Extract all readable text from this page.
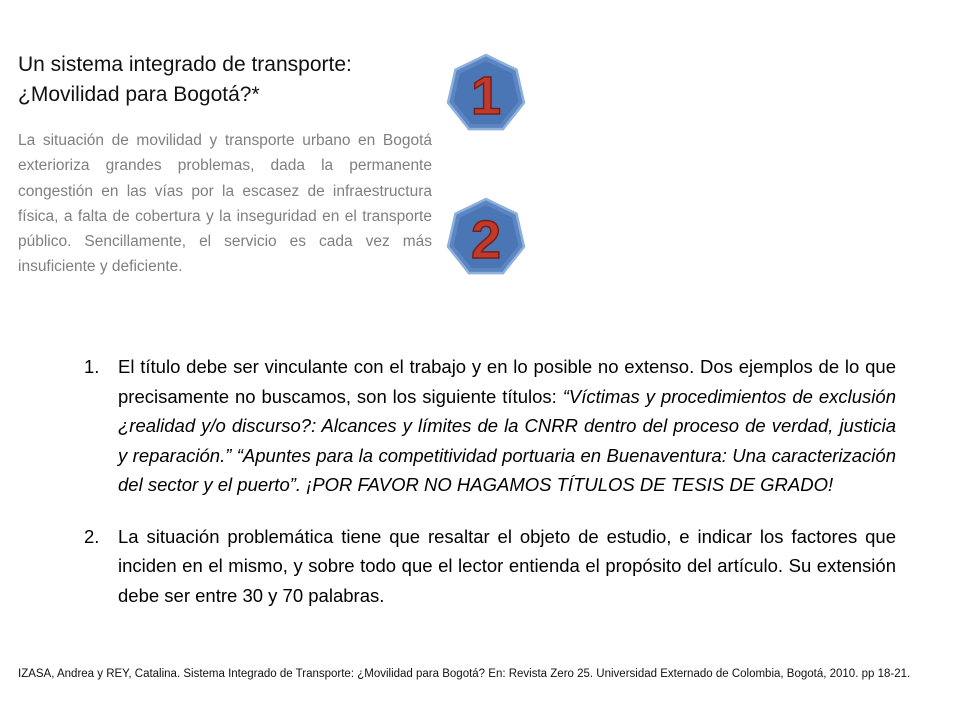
Un sistema integrado de transporte:
¿Movilidad para Bogotá?*
La situación de movilidad y transporte urbano en Bogotá exterioriza grandes problemas, dada la permanente congestión en las vías por la escasez de infraestructura física, a falta de cobertura y la inseguridad en el transporte público. Sencillamente, el servicio es cada vez más insuficiente y deficiente.
1
2
1. El título debe ser vinculante con el trabajo y en lo posible no extenso. Dos ejemplos de lo que precisamente no buscamos, son los siguiente títulos: “Víctimas y procedimientos de exclusión ¿realidad y/o discurso?: Alcances y límites de la CNRR dentro del proceso de verdad, justicia y reparación.” “Apuntes para la competitividad portuaria en Buenaventura: Una caracterización del sector y el puerto”. ¡POR FAVOR NO HAGAMOS TÍTULOS DE TESIS DE GRADO!
2. La situación problemática tiene que resaltar el objeto de estudio, e indicar los factores que inciden en el mismo, y sobre todo que el lector entienda el propósito del artículo. Su extensión debe ser entre 30 y 70 palabras.
IZASA, Andrea y REY, Catalina. Sistema Integrado de Transporte: ¿Movilidad para Bogotá? En: Revista Zero 25. Universidad Externado de Colombia, Bogotá, 2010. pp 18-21.
